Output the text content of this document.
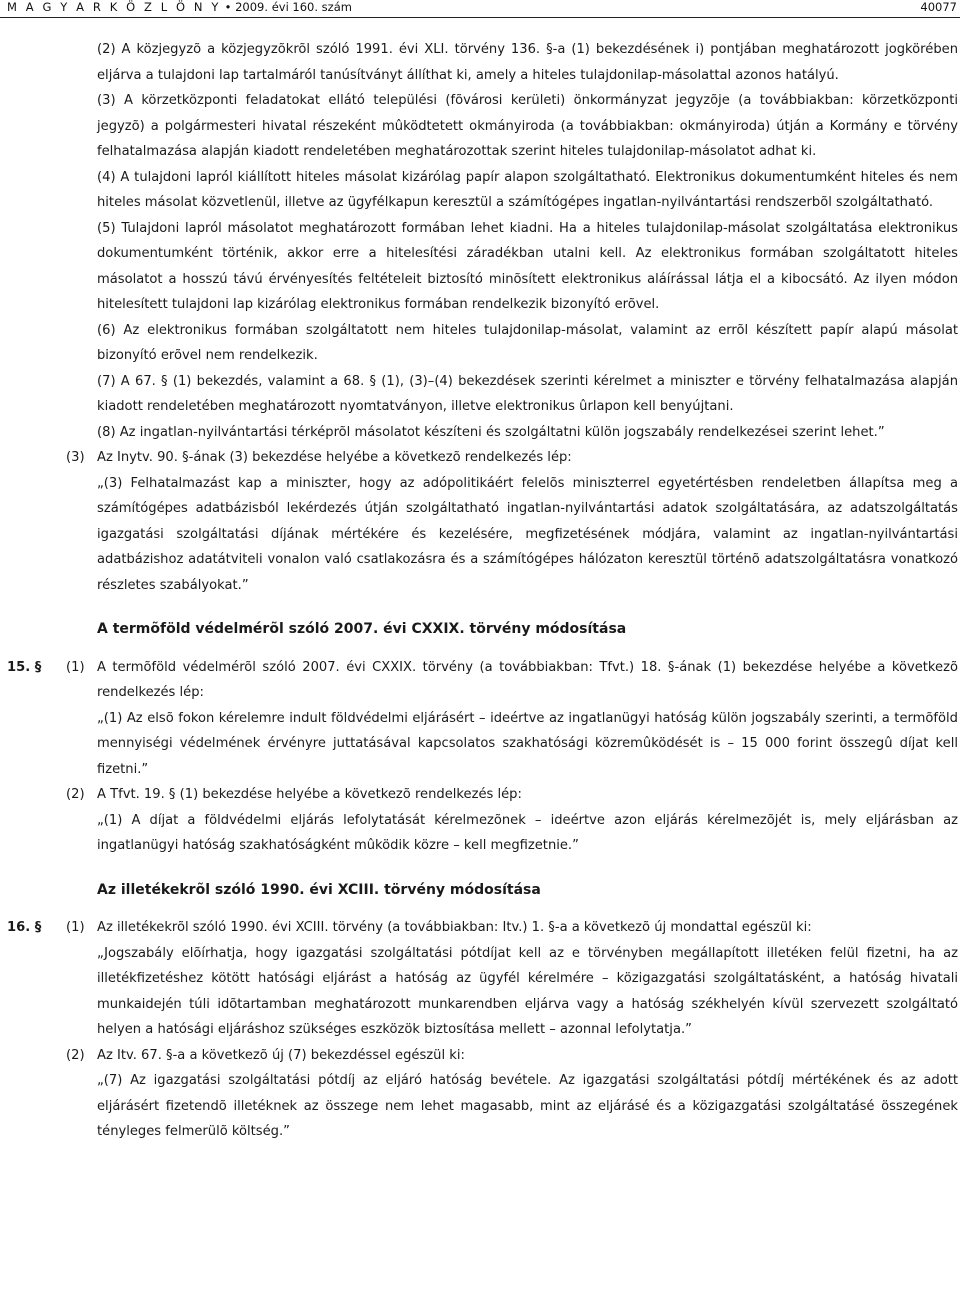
M A G Y A R K Ö Z L Ö N Y • 2009. évi 160. szám	40077

(2) A közjegyzõ a közjegyzõkrõl szóló 1991. évi XLI. törvény 136. §-a (1) bekezdésének i) pontjában meghatározott jogkörében eljárva a tulajdoni lap tartalmáról tanúsítványt állíthat ki, amely a hiteles tulajdonilap-másolattal azonos hatályú.

(3) A körzetközponti feladatokat ellátó települési (fõvárosi kerületi) önkormányzat jegyzõje (a továbbiakban: körzetközponti jegyzõ) a polgármesteri hivatal részeként mûködtetett okmányiroda (a továbbiakban: okmányiroda) útján a Kormány e törvény felhatalmazása alapján kiadott rendeletében meghatározottak szerint hiteles tulajdonilap-másolatot adhat ki.

(4) A tulajdoni lapról kiállított hiteles másolat kizárólag papír alapon szolgáltatható. Elektronikus dokumentumként hiteles és nem hiteles másolat közvetlenül, illetve az ügyfélkapun keresztül a számítógépes ingatlan-nyilvántartási rendszerbõl szolgáltatható.

(5) Tulajdoni lapról másolatot meghatározott formában lehet kiadni. Ha a hiteles tulajdonilap-másolat szolgáltatása elektronikus dokumentumként történik, akkor erre a hitelesítési záradékban utalni kell. Az elektronikus formában szolgáltatott hiteles másolatot a hosszú távú érvényesítés feltételeit biztosító minõsített elektronikus aláírással látja el a kibocsátó. Az ilyen módon hitelesített tulajdoni lap kizárólag elektronikus formában rendelkezik bizonyító erõvel.

(6) Az elektronikus formában szolgáltatott nem hiteles tulajdonilap-másolat, valamint az errõl készített papír alapú másolat bizonyító erõvel nem rendelkezik.

(7) A 67. § (1) bekezdés, valamint a 68. § (1), (3)–(4) bekezdések szerinti kérelmet a miniszter e törvény felhatalmazása alapján kiadott rendeletében meghatározott nyomtatványon, illetve elektronikus ûrlapon kell benyújtani.

(8) Az ingatlan-nyilvántartási térképrõl másolatot készíteni és szolgáltatni külön jogszabály rendelkezései szerint lehet.”

(3) Az Inytv. 90. §-ának (3) bekezdése helyébe a következõ rendelkezés lép:

„(3) Felhatalmazást kap a miniszter, hogy az adópolitikáért felelõs miniszterrel egyetértésben rendeletben állapítsa meg a számítógépes adatbázisból lekérdezés útján szolgáltatható ingatlan-nyilvántartási adatok szolgáltatására, az adatszolgáltatás igazgatási szolgáltatási díjának mértékére és kezelésére, megfizetésének módjára, valamint az ingatlan-nyilvántartási adatbázishoz adatátviteli vonalon való csatlakozásra és a számítógépes hálózaton keresztül történõ adatszolgáltatásra vonatkozó részletes szabályokat.”

A termõföld védelmérõl szóló 2007. évi CXXIX. törvény módosítása
15. §	(1) A termõföld védelmérõl szóló 2007. évi CXXIX. törvény (a továbbiakban: Tfvt.) 18. §-ának (1) bekezdése helyébe a következõ rendelkezés lép:

„(1) Az elsõ fokon kérelemre indult földvédelmi eljárásért – ideértve az ingatlanügyi hatóság külön jogszabály szerinti, a termõföld mennyiségi védelmének érvényre juttatásával kapcsolatos szakhatósági közremûködését is – 15 000 forint összegû díjat kell fizetni.”

(2) A Tfvt. 19. § (1) bekezdése helyébe a következõ rendelkezés lép:

„(1) A díjat a földvédelmi eljárás lefolytatását kérelmezõnek – ideértve azon eljárás kérelmezõjét is, mely eljárásban az ingatlanügyi hatóság szakhatóságként mûködik közre – kell megfizetnie.”

Az illetékekrõl szóló 1990. évi XCIII. törvény módosítása
16. §	(1) Az illetékekrõl szóló 1990. évi XCIII. törvény (a továbbiakban: Itv.) 1. §-a a következõ új mondattal egészül ki:

„Jogszabály elõírhatja, hogy igazgatási szolgáltatási pótdíjat kell az e törvényben megállapított illetéken felül fizetni, ha az illetékfizetéshez kötött hatósági eljárást a hatóság az ügyfél kérelmére – közigazgatási szolgáltatásként, a hatóság hivatali munkaidején túli idõtartamban meghatározott munkarendben eljárva vagy a hatóság székhelyén kívül szervezett szolgáltató helyen a hatósági eljáráshoz szükséges eszközök biztosítása mellett – azonnal lefolytatja.”

(2) Az Itv. 67. §-a a következõ új (7) bekezdéssel egészül ki:

„(7) Az igazgatási szolgáltatási pótdíj az eljáró hatóság bevétele. Az igazgatási szolgáltatási pótdíj mértékének és az adott eljárásért fizetendõ illetéknek az összege nem lehet magasabb, mint az eljárásé és a közigazgatási szolgáltatásé összegének tényleges felmerülõ költség.”
